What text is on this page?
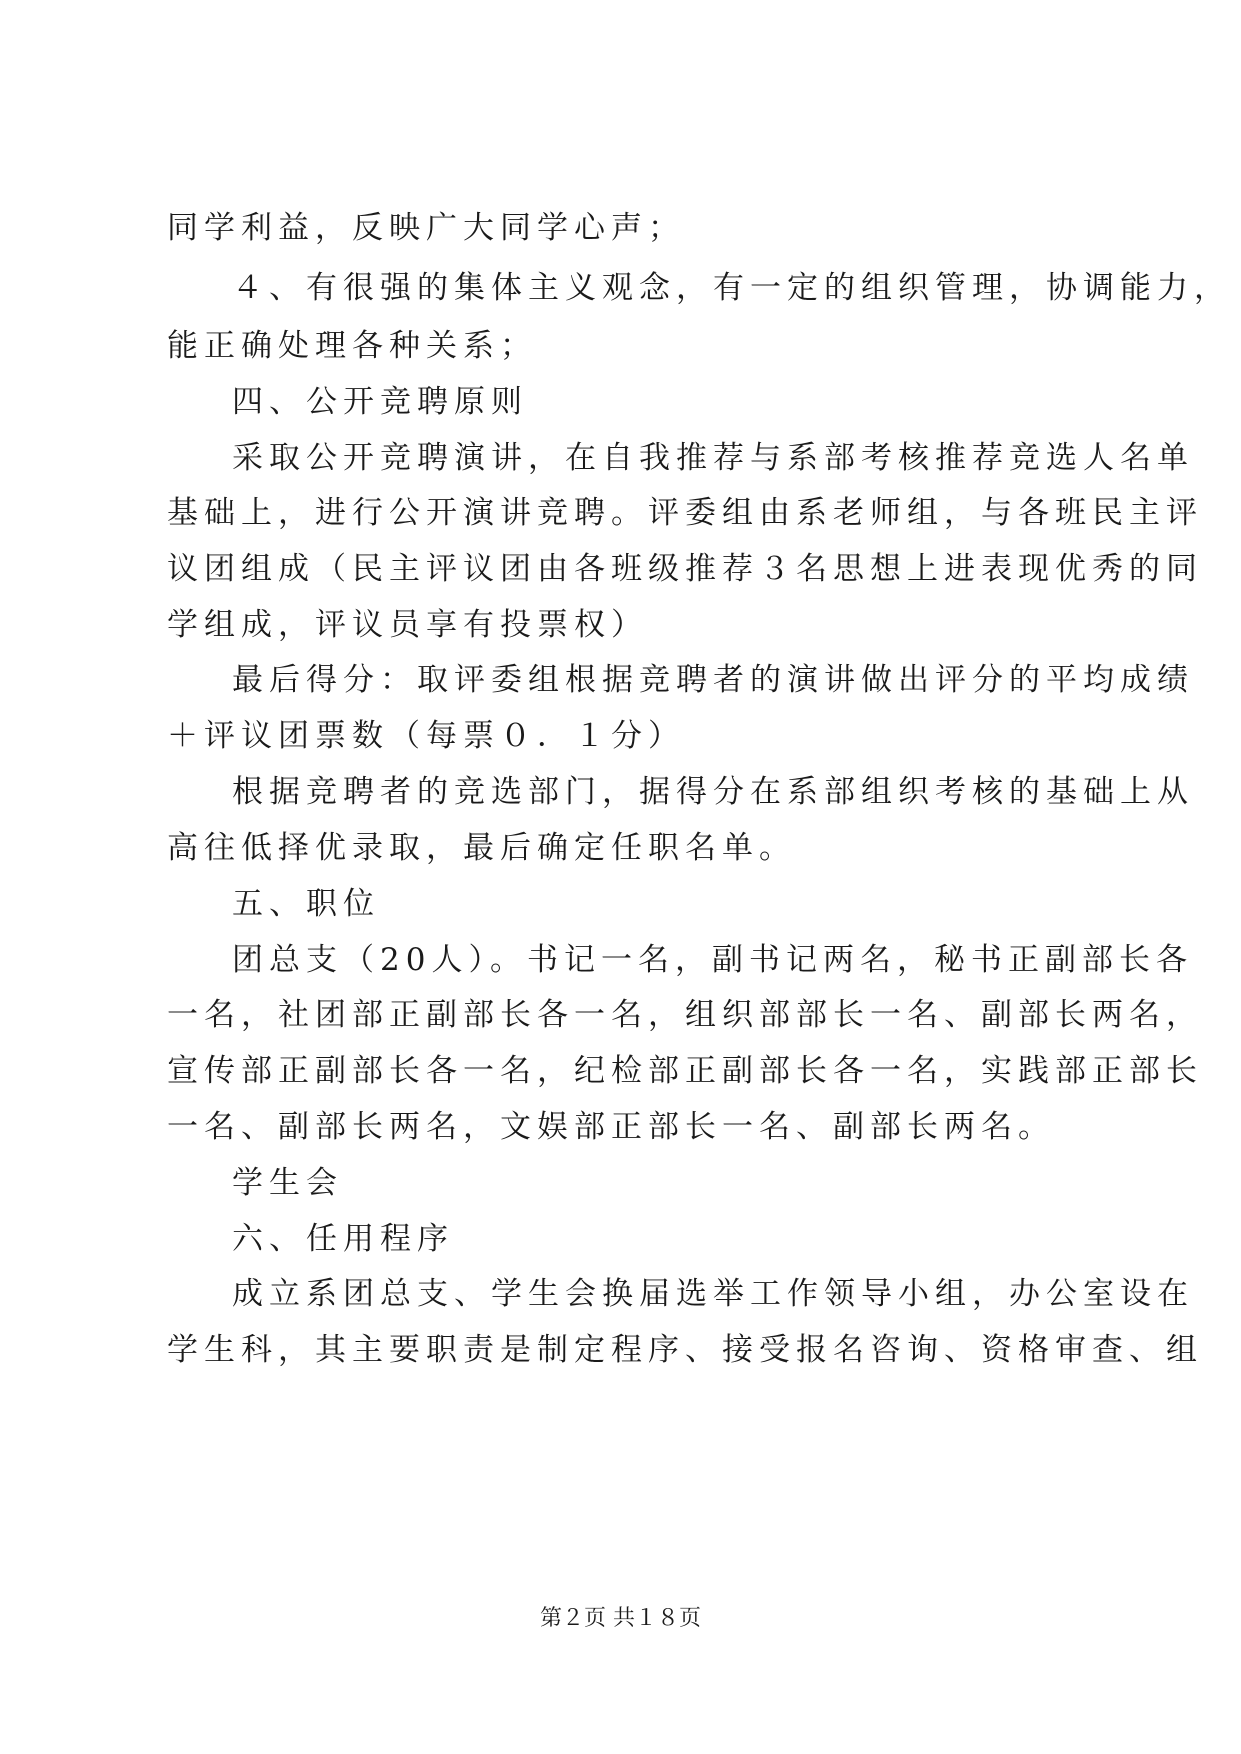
同学利益，反映广大同学心声；
４、有很强的集体主义观念，有一定的组织管理，协调能力，
能正确处理各种关系；
四、公开竞聘原则
采取公开竞聘演讲，在自我推荐与系部考核推荐竞选人名单
基础上，进行公开演讲竞聘。评委组由系老师组，与各班民主评
议团组成（民主评议团由各班级推荐３名思想上进表现优秀的同
学组成，评议员享有投票权）
最后得分：取评委组根据竞聘者的演讲做出评分的平均成绩
＋评议团票数（每票０．１分）
根据竞聘者的竞选部门，据得分在系部组织考核的基础上从
高往低择优录取，最后确定任职名单。
五、职位
团总支（20人）。书记一名，副书记两名，秘书正副部长各
一名，社团部正副部长各一名，组织部部长一名、副部长两名，
宣传部正副部长各一名，纪检部正副部长各一名，实践部正部长
一名、副部长两名，文娱部正部长一名、副部长两名。
学生会
六、任用程序
成立系团总支、学生会换届选举工作领导小组，办公室设在
学生科，其主要职责是制定程序、接受报名咨询、资格审查、组
第２页 共１８页
